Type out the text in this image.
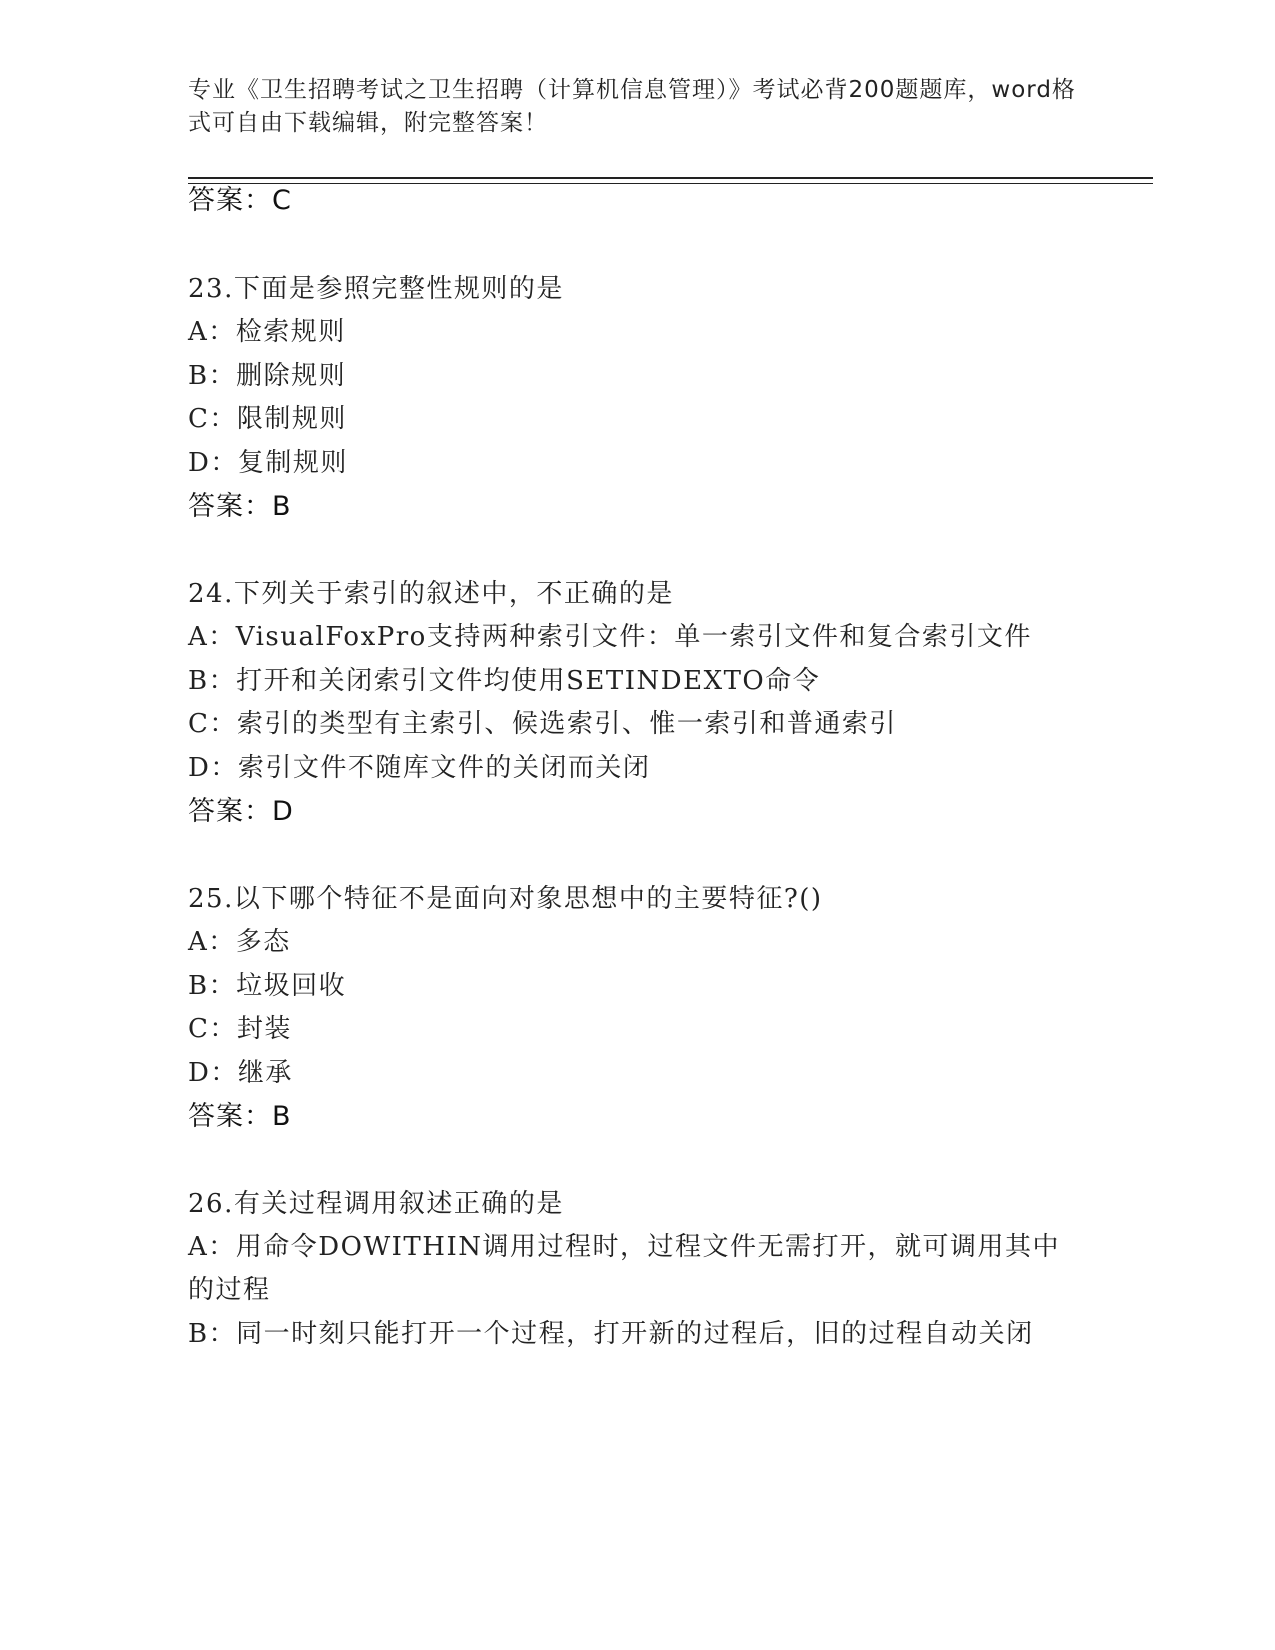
专业《卫生招聘考试之卫生招聘（计算机信息管理）》考试必背200题题库，word格式可自由下载编辑，附完整答案！
答案：C
23.下面是参照完整性规则的是
A：检索规则
B：删除规则
C：限制规则
D：复制规则
答案：B
24.下列关于索引的叙述中，不正确的是
A：VisualFoxPro支持两种索引文件：单一索引文件和复合索引文件
B：打开和关闭索引文件均使用SETINDEXTO命令
C：索引的类型有主索引、候选索引、惟一索引和普通索引
D：索引文件不随库文件的关闭而关闭
答案：D
25.以下哪个特征不是面向对象思想中的主要特征?()
A：多态
B：垃圾回收
C：封装
D：继承
答案：B
26.有关过程调用叙述正确的是
A：用命令DOWITHIN调用过程时，过程文件无需打开，就可调用其中
的过程
B：同一时刻只能打开一个过程，打开新的过程后，旧的过程自动关闭
